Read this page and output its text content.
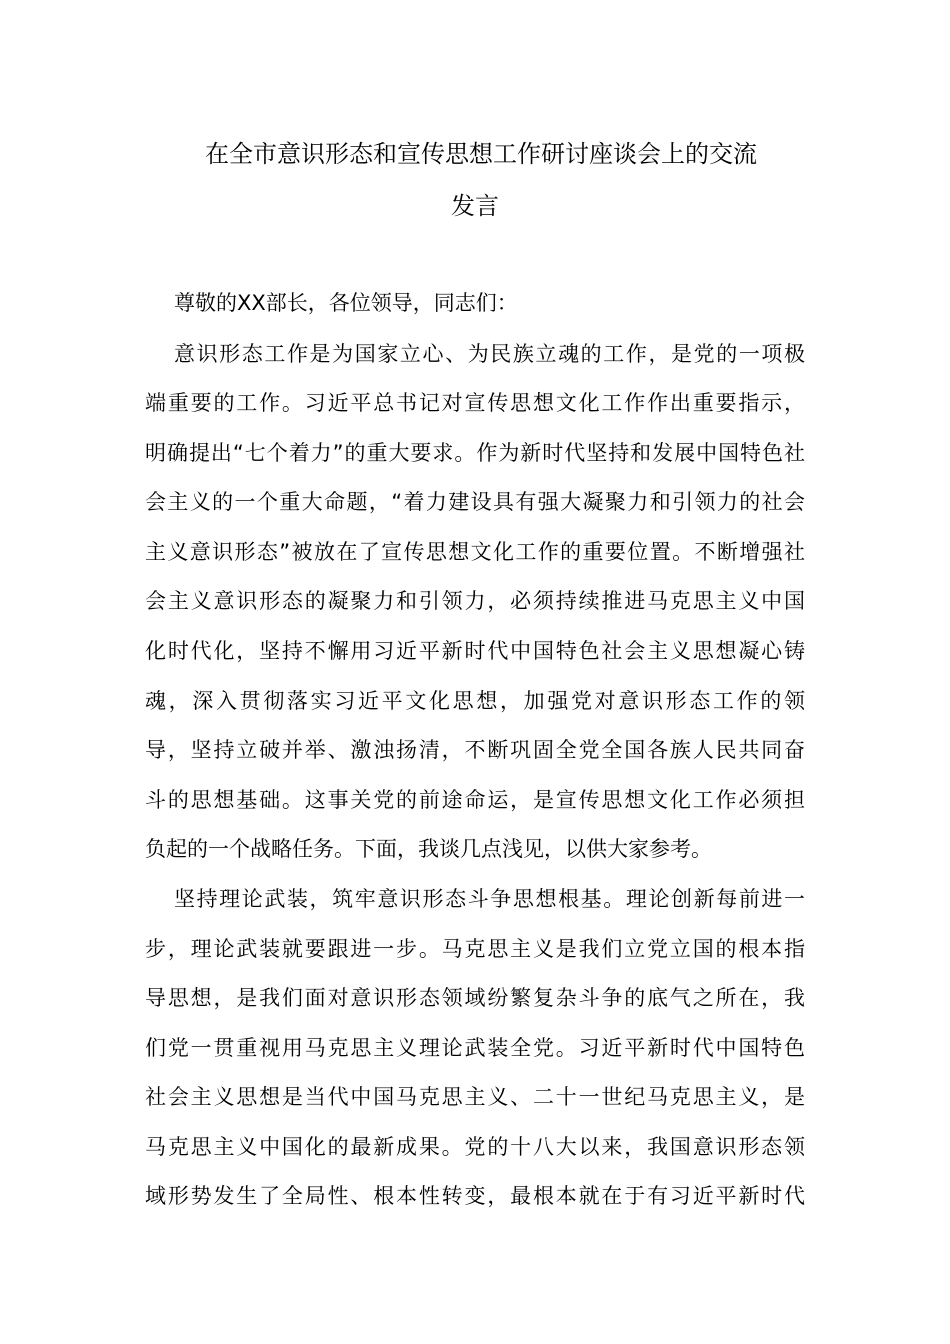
在全市意识形态和宣传思想工作研讨座谈会上的交流
发言

尊敬的XX部长，各位领导，同志们：

意识形态工作是为国家立心、为民族立魂的工作，是党的一项极

端重要的工作。习近平总书记对宣传思想文化工作作出重要指示，

明确提出“七个着力”的重大要求。作为新时代坚持和发展中国特色社

会主义的一个重大命题，“着力建设具有强大凝聚力和引领力的社会

主义意识形态”被放在了宣传思想文化工作的重要位置。不断增强社

会主义意识形态的凝聚力和引领力，必须持续推进马克思主义中国

化时代化，坚持不懈用习近平新时代中国特色社会主义思想凝心铸

魂，深入贯彻落实习近平文化思想，加强党对意识形态工作的领

导，坚持立破并举、激浊扬清，不断巩固全党全国各族人民共同奋

斗的思想基础。这事关党的前途命运，是宣传思想文化工作必须担

负起的一个战略任务。下面，我谈几点浅见，以供大家参考。

坚持理论武装，筑牢意识形态斗争思想根基。理论创新每前进一

步，理论武装就要跟进一步。马克思主义是我们立党立国的根本指

导思想，是我们面对意识形态领域纷繁复杂斗争的底气之所在，我

们党一贯重视用马克思主义理论武装全党。习近平新时代中国特色

社会主义思想是当代中国马克思主义、二十一世纪马克思主义，是

马克思主义中国化的最新成果。党的十八大以来，我国意识形态领

域形势发生了全局性、根本性转变，最根本就在于有习近平新时代
